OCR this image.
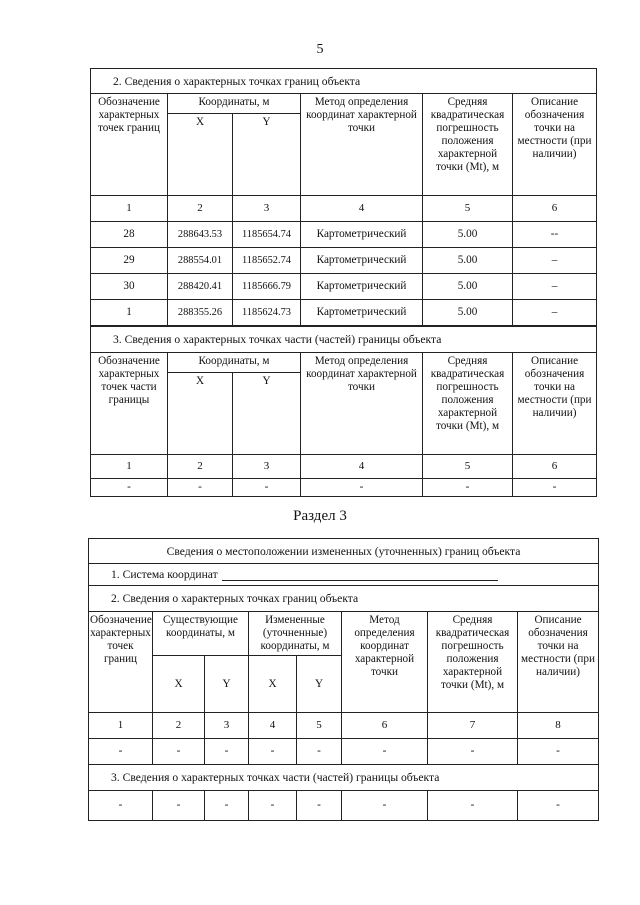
5
2. Сведения о характерных точках границ объекта					
Обозначение характерных точек границ	Координаты, м		Метод определения координат характерной точки	Средняя квадратическая погрешность положения характерной точки (Mt), м	Описание обозначения точки на местности (при наличии)
	X	Y			
1	2	3	4	5	6
28	288643.53	1185654.74	Картометрический	5.00	--
29	288554.01	1185652.74	Картометрический	5.00	–
30	288420.41	1185666.79	Картометрический	5.00	–
1	288355.26	1185624.73	Картометрический	5.00	–
3. Сведения о характерных точках части (частей) границы объекта					
Обозначение характерных точек части границы	Координаты, м		Метод определения координат характерной точки	Средняя квадратическая погрешность положения характерной точки (Mt), м	Описание обозначения точки на местности (при наличии)
	X	Y			
1	2	3	4	5	6
-	-	-	-	-	-
Раздел 3
Сведения о местоположении измененных (уточненных) границ объекта							
1. Система координат							
2. Сведения о характерных точках границ объекта							
Обозначение характерных точек границ	Существующие координаты, м		Измененные (уточненные) координаты, м		Метод определения координат характерной точки	Средняя квадратическая погрешность положения характерной точки (Mt), м	Описание обозначения точки на местности (при наличии)
	X	Y	X	Y			
1	2	3	4	5	6	7	8
-	-	-	-	-	-	-	-
3. Сведения о характерных точках части (частей) границы объекта							
-	-	-	-	-	-	-	-
